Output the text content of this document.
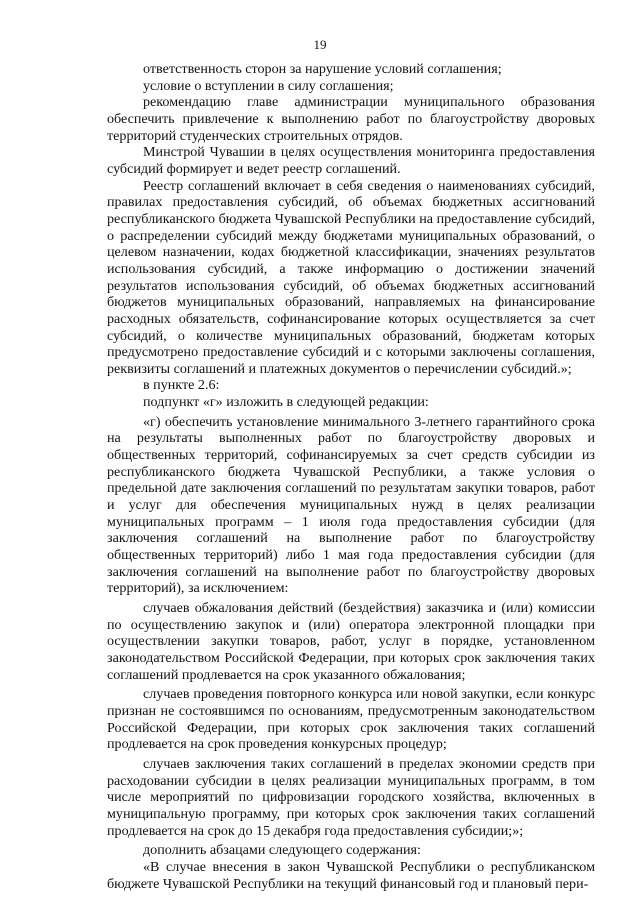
19

ответственность сторон за нарушение условий соглашения;

условие о вступлении в силу соглашения;

рекомендацию главе администрации муниципального образования обеспечить привлечение к выполнению работ по благоустройству дворовых территорий студенческих строительных отрядов.

Минстрой Чувашии в целях осуществления мониторинга предоставления субсидий формирует и ведет реестр соглашений.

Реестр соглашений включает в себя сведения о наименованиях субсидий, правилах предоставления субсидий, об объемах бюджетных ассигнований республиканского бюджета Чувашской Республики на предоставление субсидий, о распределении субсидий между бюджетами муниципальных образований, о целевом назначении, кодах бюджетной классификации, значениях результатов использования субсидий, а также информацию о достижении значений результатов использования субсидий, об объемах бюджетных ассигнований бюджетов муниципальных образований, направляемых на финансирование расходных обязательств, софинансирование которых осуществляется за счет субсидий, о количестве муниципальных образований, бюджетам которых предусмотрено предоставление субсидий и с которыми заключены соглашения, реквизиты соглашений и платежных документов о перечислении субсидий.»;

в пункте 2.6:

подпункт «г» изложить в следующей редакции:

«г) обеспечить установление минимального 3-летнего гарантийного срока на результаты выполненных работ по благоустройству дворовых и общественных территорий, софинансируемых за счет средств субсидии из республиканского бюджета Чувашской Республики, а также условия о предельной дате заключения соглашений по результатам закупки товаров, работ и услуг для обеспечения муниципальных нужд в целях реализации муниципальных программ – 1 июля года предоставления субсидии (для заключения соглашений на выполнение работ по благоустройству общественных территорий) либо 1 мая года предоставления субсидии (для заключения соглашений на выполнение работ по благоустройству дворовых территорий), за исключением:

случаев обжалования действий (бездействия) заказчика и (или) комиссии по осуществлению закупок и (или) оператора электронной площадки при осуществлении закупки товаров, работ, услуг в порядке, установленном законодательством Российской Федерации, при которых срок заключения таких соглашений продлевается на срок указанного обжалования;

случаев проведения повторного конкурса или новой закупки, если конкурс признан не состоявшимся по основаниям, предусмотренным законодательством Российской Федерации, при которых срок заключения таких соглашений продлевается на срок проведения конкурсных процедур;

случаев заключения таких соглашений в пределах экономии средств при расходовании субсидии в целях реализации муниципальных программ, в том числе мероприятий по цифровизации городского хозяйства, включенных в муниципальную программу, при которых срок заключения таких соглашений продлевается на срок до 15 декабря года предоставления субсидии;»;

дополнить абзацами следующего содержания:

«В случае внесения в закон Чувашской Республики о республиканском бюджете Чувашской Республики на текущий финансовый год и плановый пери-
